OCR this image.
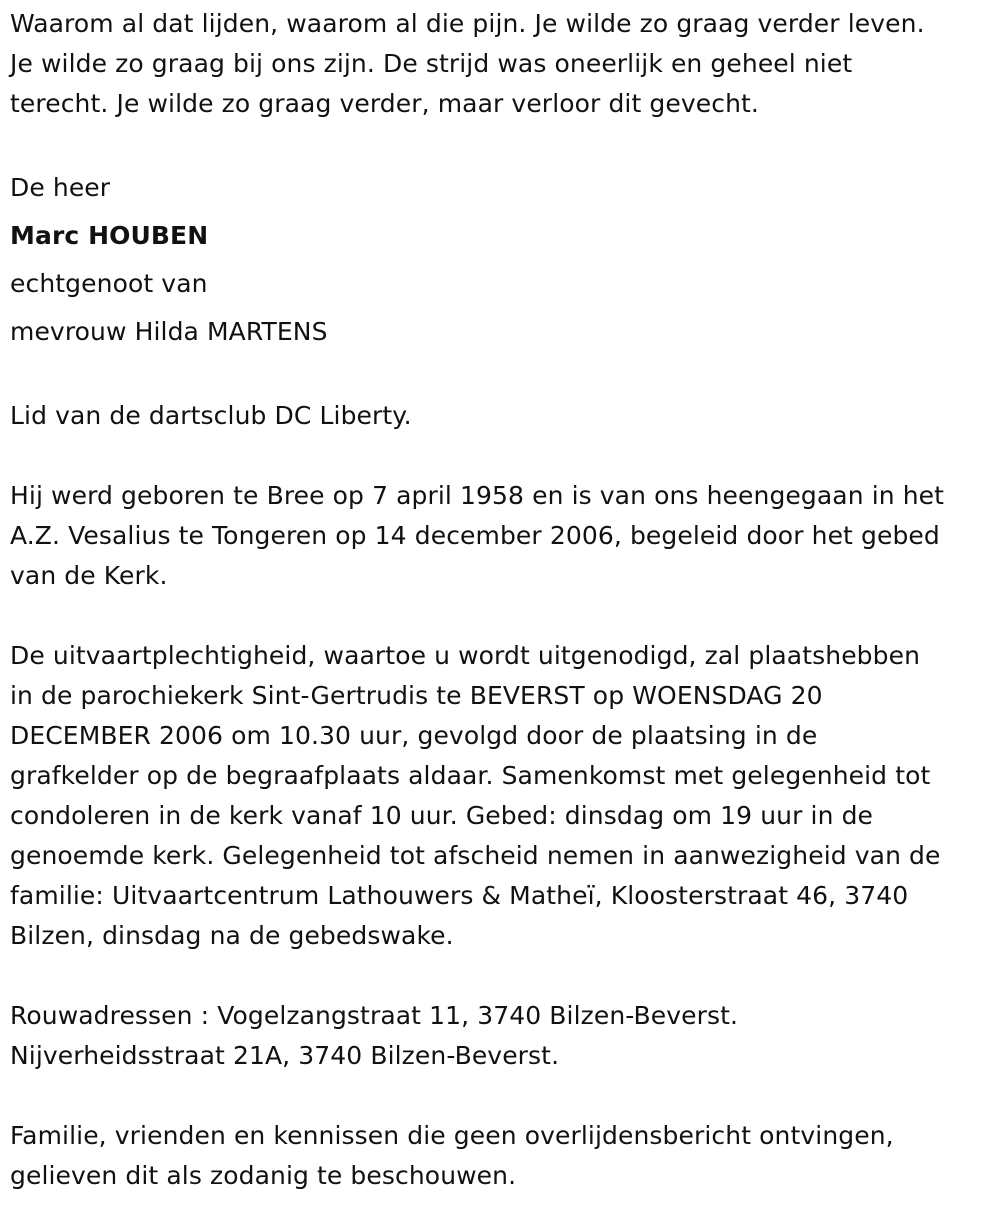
Waarom al dat lijden, waarom al die pijn. Je wilde zo graag verder leven.
Je wilde zo graag bij ons zijn. De strijd was oneerlijk en geheel niet
terecht. Je wilde zo graag verder, maar verloor dit gevecht.

De heer
Marc HOUBEN
echtgenoot van
mevrouw Hilda MARTENS

Lid van de dartsclub DC Liberty.

Hij werd geboren te Bree op 7 april 1958 en is van ons heengegaan in het
A.Z. Vesalius te Tongeren op 14 december 2006, begeleid door het gebed
van de Kerk.

De uitvaartplechtigheid, waartoe u wordt uitgenodigd, zal plaatshebben
in de parochiekerk Sint-Gertrudis te BEVERST op WOENSDAG 20
DECEMBER 2006 om 10.30 uur, gevolgd door de plaatsing in de
grafkelder op de begraafplaats aldaar. Samenkomst met gelegenheid tot
condoleren in de kerk vanaf 10 uur. Gebed: dinsdag om 19 uur in de
genoemde kerk. Gelegenheid tot afscheid nemen in aanwezigheid van de
familie: Uitvaartcentrum Lathouwers & Matheï, Kloosterstraat 46, 3740
Bilzen, dinsdag na de gebedswake.

Rouwadressen : Vogelzangstraat 11, 3740 Bilzen-Beverst.
Nijverheidsstraat 21A, 3740 Bilzen-Beverst.

Familie, vrienden en kennissen die geen overlijdensbericht ontvingen,
gelieven dit als zodanig te beschouwen.
